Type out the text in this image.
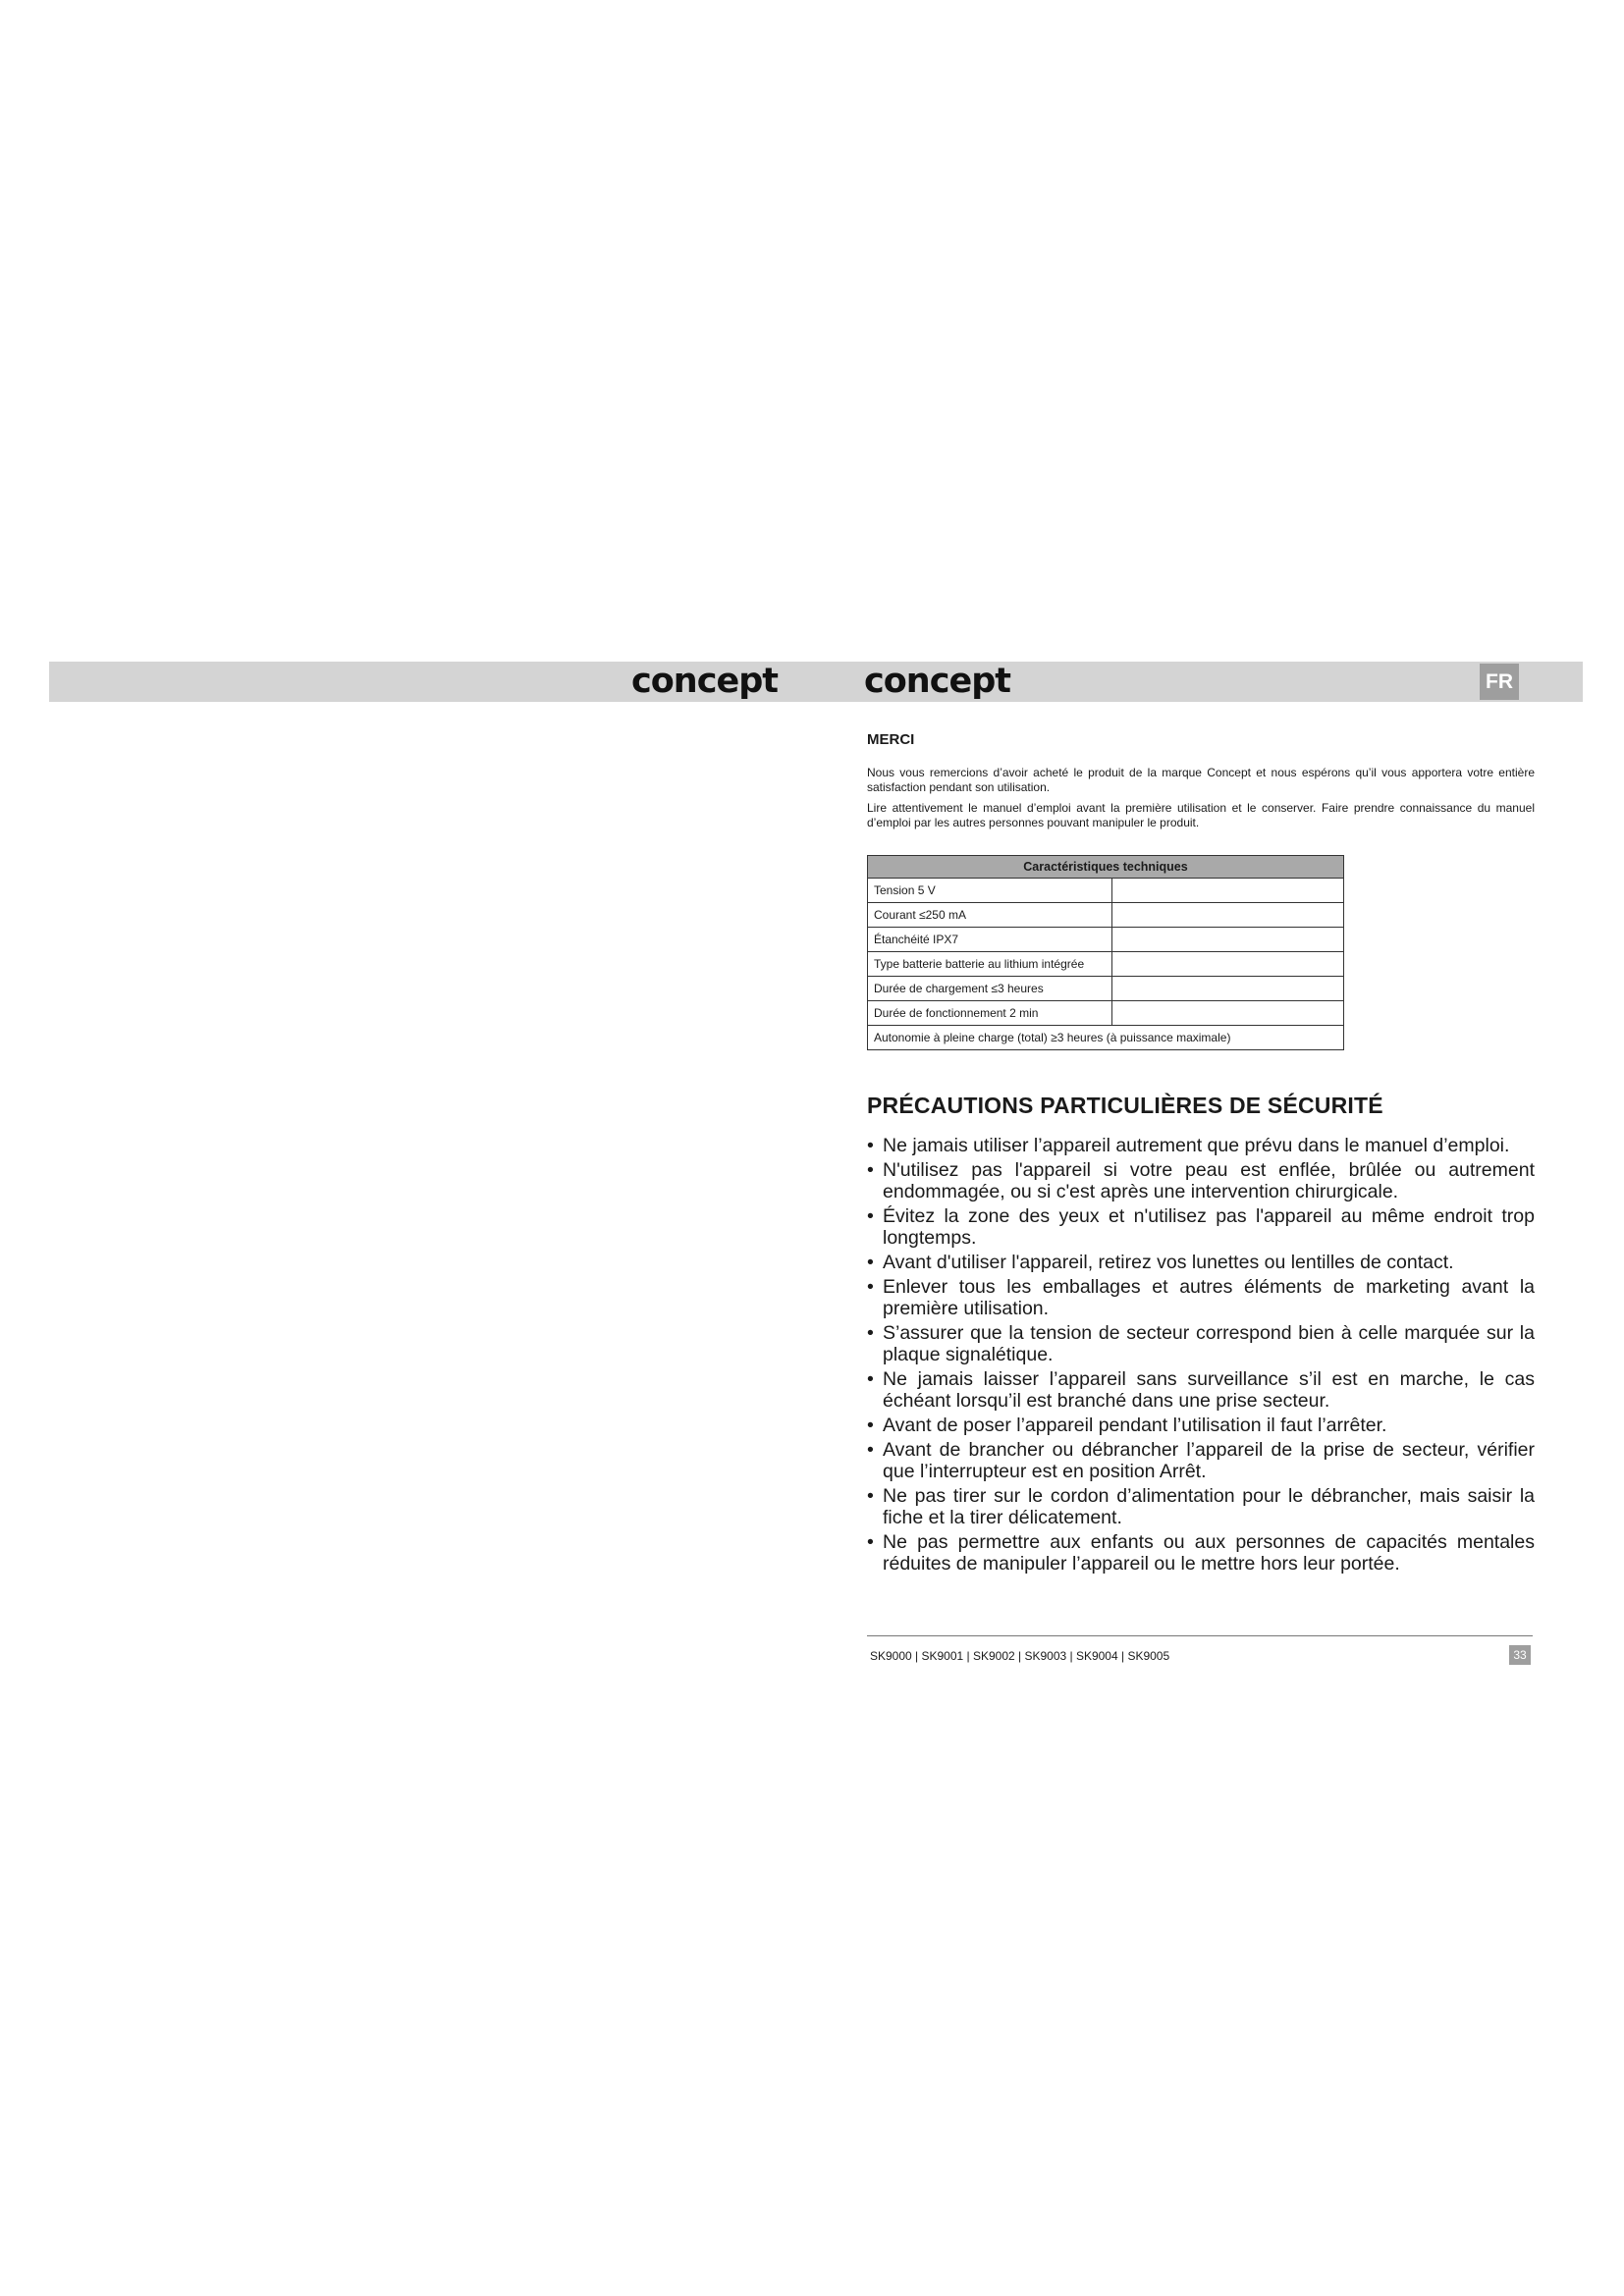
concept	concept	FR
MERCI

Nous vous remercions d’avoir acheté le produit de la marque Concept et nous espérons qu’il vous apportera votre entière satisfaction pendant son utilisation.

Lire attentivement le manuel d’emploi avant la première utilisation et le conserver. Faire prendre connaissance du manuel d’emploi par les autres personnes pouvant manipuler le produit.

Caractéristiques techniques	
Tension 5 V	
Courant ≤250 mA	
Étanchéité IPX7	
Type batterie batterie au lithium intégrée	
Durée de chargement ≤3 heures	
Durée de fonctionnement 2 min	
Autonomie à pleine charge (total) ≥3 heures (à puissance maximale)	
PRÉCAUTIONS PARTICULIÈRES DE SÉCURITÉ
• Ne jamais utiliser l’appareil autrement que prévu dans le manuel d’emploi.
• N'utilisez pas l'appareil si votre peau est enflée, brûlée ou autrement endommagée, ou si c'est après une intervention chirurgicale.
• Évitez la zone des yeux et n'utilisez pas l'appareil au même endroit trop longtemps.
• Avant d'utiliser l'appareil, retirez vos lunettes ou lentilles de contact.
• Enlever tous les emballages et autres éléments de marketing avant la première utilisation.
• S’assurer que la tension de secteur correspond bien à celle marquée sur la plaque signalétique.
• Ne jamais laisser l’appareil sans surveillance s’il est en marche, le cas échéant lorsqu’il est branché dans une prise secteur.
• Avant de poser l’appareil pendant l’utilisation il faut l’arrêter.
• Avant de brancher ou débrancher l’appareil de la prise de secteur, vérifier que l’interrupteur est en position Arrêt.
• Ne pas tirer sur le cordon d’alimentation pour le débrancher, mais saisir la fiche et la tirer délicatement.
• Ne pas permettre aux enfants ou aux personnes de capacités mentales réduites de manipuler l’appareil ou le mettre hors leur portée.
SK9000 | SK9001 | SK9002 | SK9003 | SK9004 | SK9005	33
